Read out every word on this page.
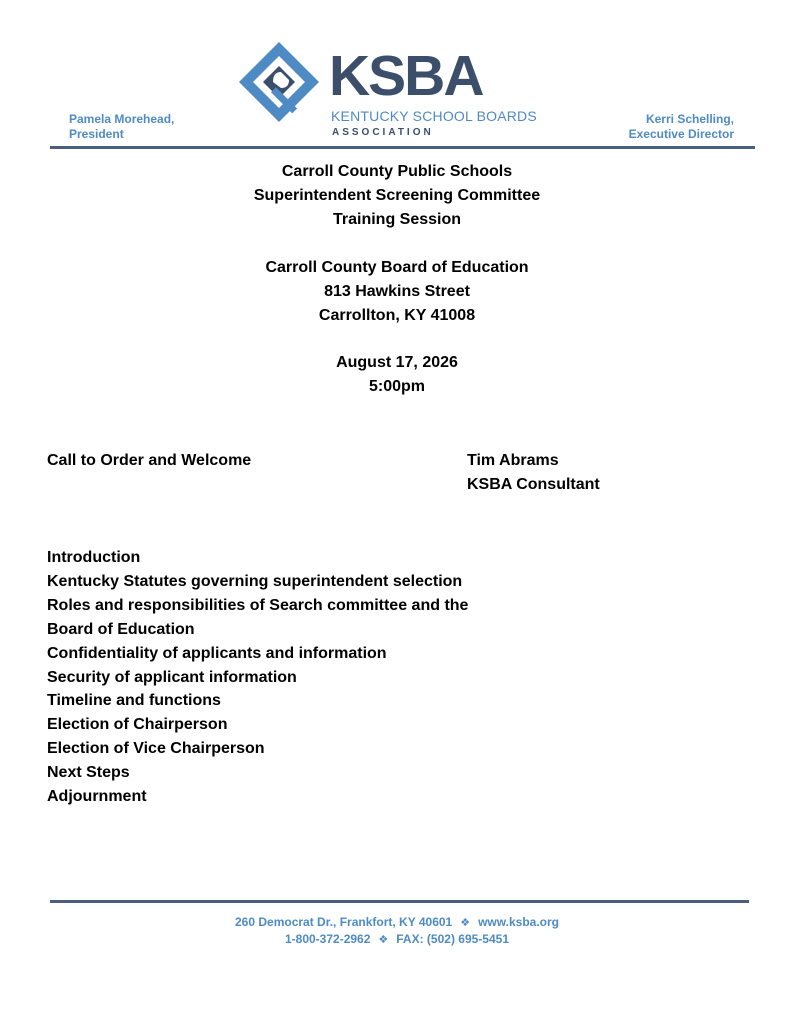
KSBA
KENTUCKY SCHOOL BOARDS
ASSOCIATION
Pamela Morehead,
President
Kerri Schelling,
Executive Director
Carroll County Public Schools
Superintendent Screening Committee
Training Session
Carroll County Board of Education
813 Hawkins Street
Carrollton, KY 41008
August 17, 2026
5:00pm
Call to Order and Welcome	Tim Abrams
KSBA Consultant
Introduction
Kentucky Statutes governing superintendent selection
Roles and responsibilities of Search committee and the
Board of Education
Confidentiality of applicants and information
Security of applicant information
Timeline and functions
Election of Chairperson
Election of Vice Chairperson
Next Steps
Adjournment
260 Democrat Dr., Frankfort, KY 40601 ❖ www.ksba.org
1-800-372-2962 ❖ FAX: (502) 695-5451
